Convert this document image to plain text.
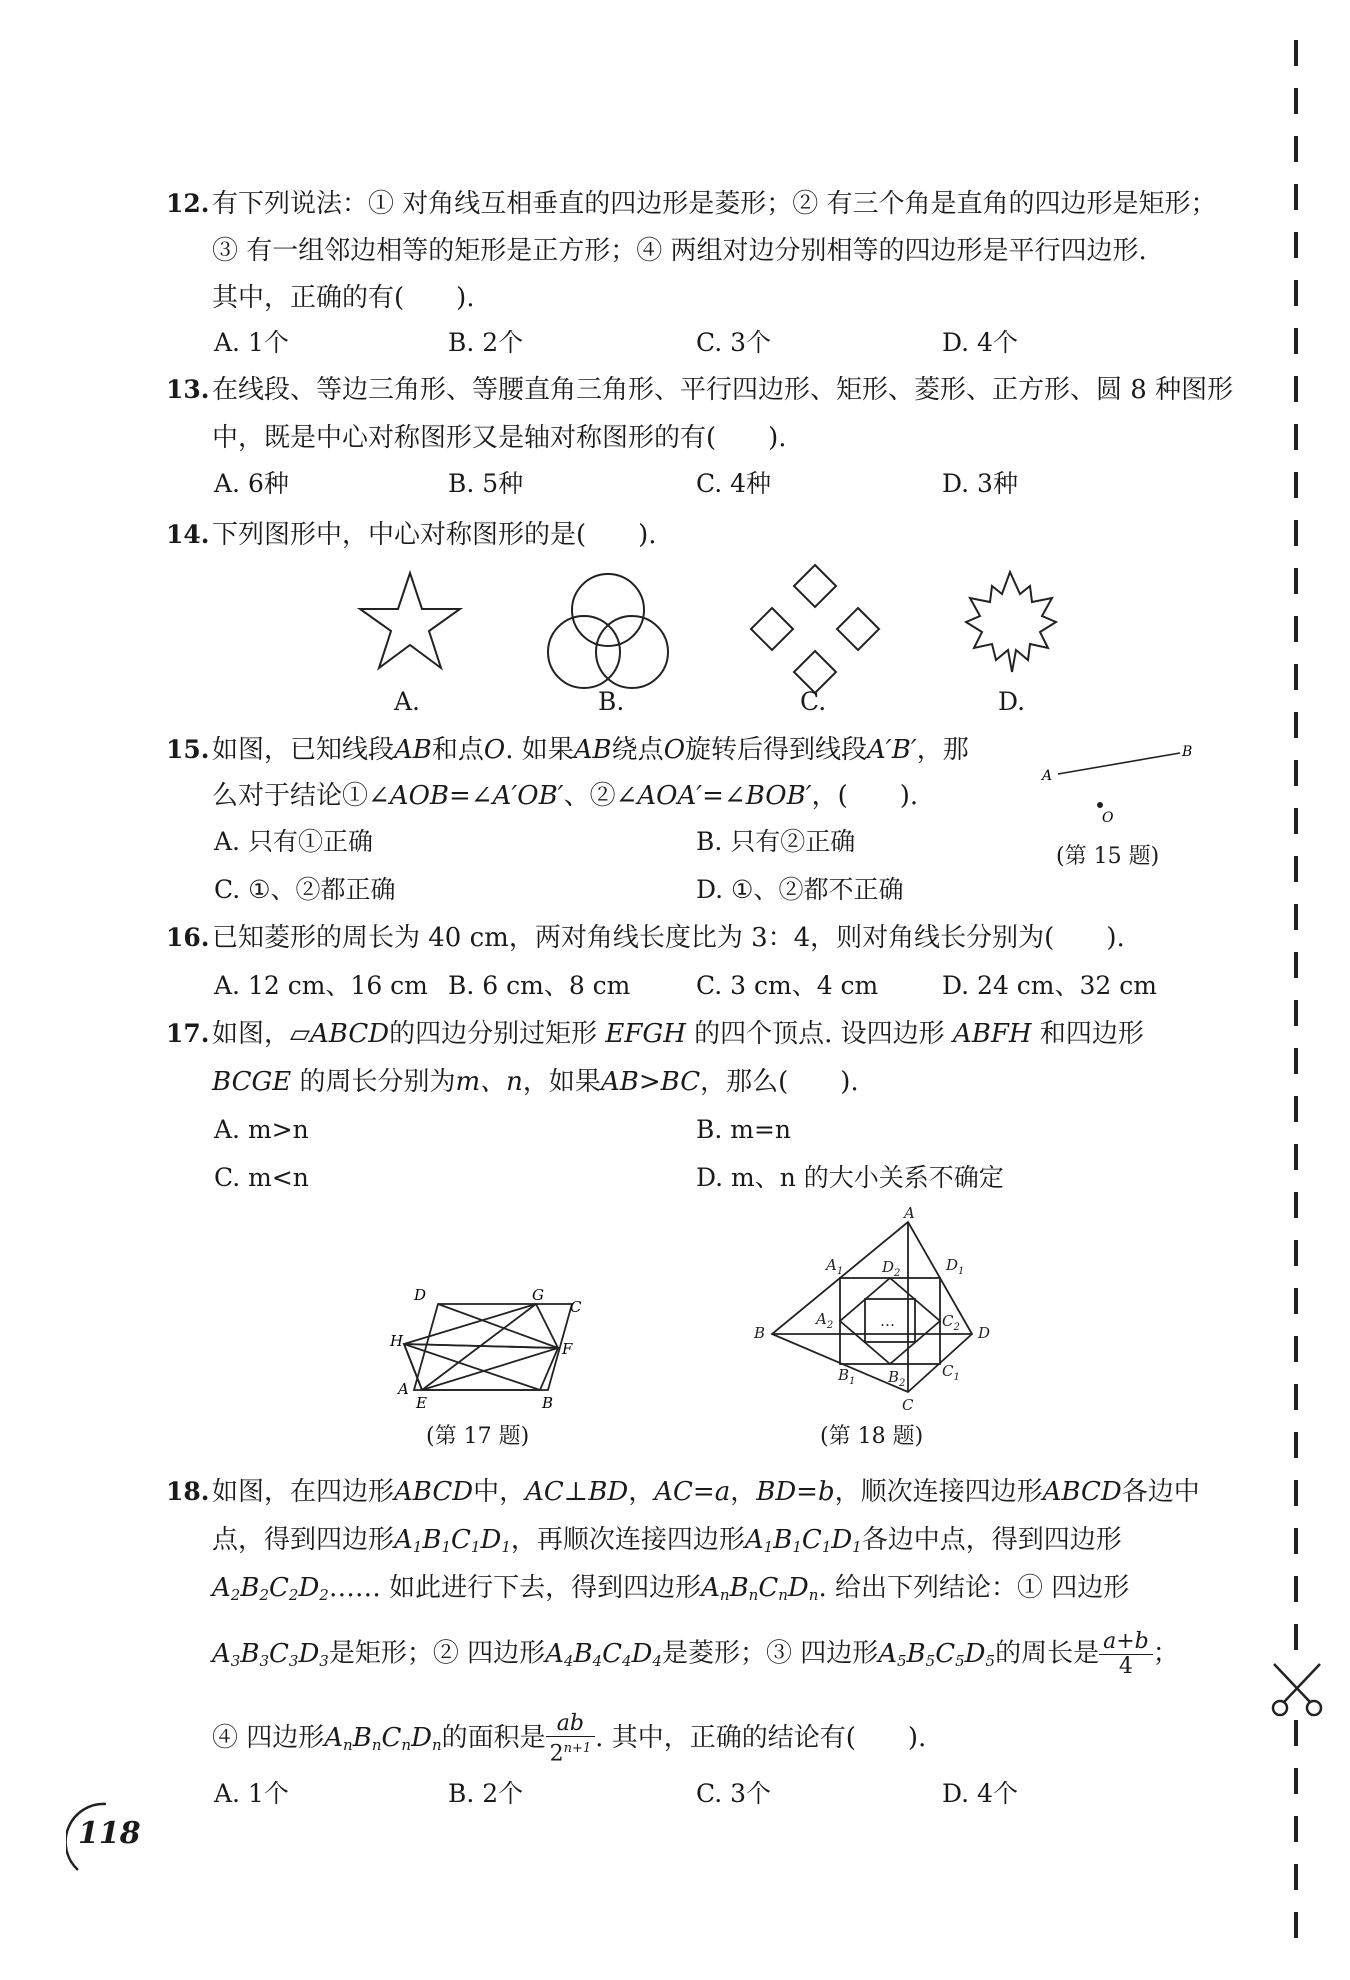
12. 有下列说法：① 对角线互相垂直的四边形是菱形；② 有三个角是直角的四边形是矩形；
③ 有一组邻边相等的矩形是正方形；④ 两组对边分别相等的四边形是平行四边形.
其中，正确的有(　　).
A. 1个	B. 2个	C. 3个	D. 4个
13. 在线段、等边三角形、等腰直角三角形、平行四边形、矩形、菱形、正方形、圆 8 种图形
中，既是中心对称图形又是轴对称图形的有(　　).
A. 6种	B. 5种	C. 4种	D. 3种
14. 下列图形中，中心对称图形的是(　　).
A.	B.	C.	D.
15. 如图，已知线段AB和点O. 如果AB绕点O旋转后得到线段A′B′，那
么对于结论①∠AOB=∠A′OB′、②∠AOA′=∠BOB′，(　　).
A. 只有①正确	B. 只有②正确
C. ①、②都正确	D. ①、②都不正确
A
B
O
(第 15 题)
16. 已知菱形的周长为 40 cm，两对角线长度比为 3：4，则对角线长分别为(　　).
A. 12 cm、16 cm B. 6 cm、8 cm	C. 3 cm、4 cm	D. 24 cm、32 cm
17. 如图，▱ABCD的四边分别过矩形 EFGH 的四个顶点. 设四边形 ABFH 和四边形
BCGE 的周长分别为m、n，如果AB>BC，那么(　　).
A. m>n	B. m=n
C. m<n	D. m、n 的大小关系不确定
D	G
C
H	F
A
E	B
(第 17 题)
A
B
C
D
$A_1$	$D_1$
$B_1$
$C_1$
$A_2$
$D_2$
$B_2$
$C_2$
…
(第 18 题)
18. 如图，在四边形ABCD中，AC⊥BD，AC=a，BD=b，顺次连接四边形ABCD各边中
点，得到四边形$A_1B_1C_1D_1$，再顺次连接四边形$A_1B_1C_1D_1$各边中点，得到四边形
$A_2B_2C_2D_2\dots\dots$ 如此进行下去，得到四边形$A_nB_nC_nD_n$. 给出下列结论：① 四边形
$A_3B_3C_3D_3$是矩形；② 四边形$A_4B_4C_4D_4$是菱形；③ 四边形$A_5B_5C_5D_5$的周长是 $\frac{a+b}{4}$ ；
④ 四边形$A_nB_nC_nD_n$的面积是 $\frac{ab}{2^{n+1}}$ . 其中，正确的结论有(　　).
A. 1个	B. 2个	C. 3个	D. 4个
118
